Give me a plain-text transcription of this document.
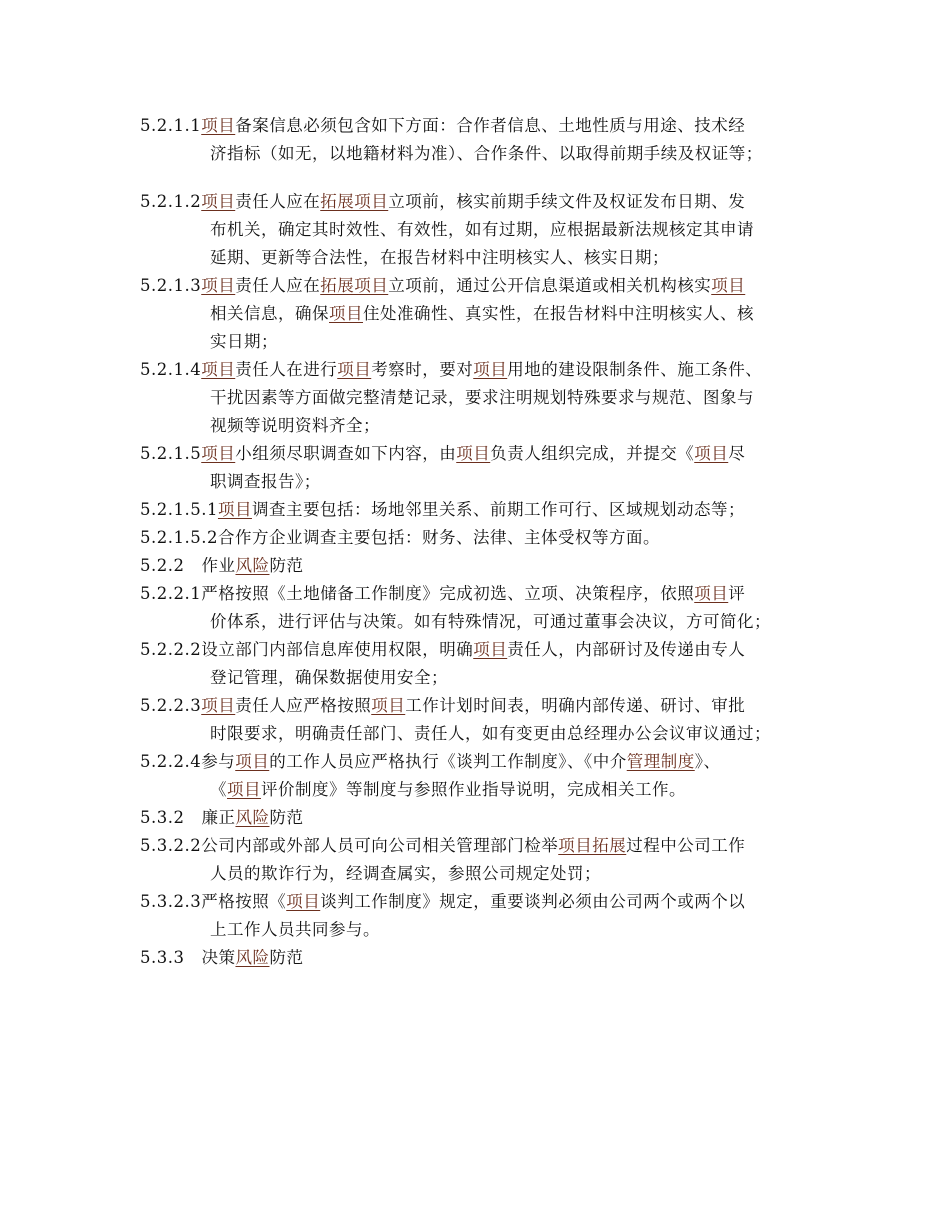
5.2.1.1项目备案信息必须包含如下方面：合作者信息、土地性质与用途、技术经
济指标（如无，以地籍材料为准）、合作条件、以取得前期手续及权证等；
5.2.1.2项目责任人应在拓展项目立项前，核实前期手续文件及权证发布日期、发
布机关，确定其时效性、有效性，如有过期，应根据最新法规核定其申请
延期、更新等合法性，在报告材料中注明核实人、核实日期；
5.2.1.3项目责任人应在拓展项目立项前，通过公开信息渠道或相关机构核实项目
相关信息，确保项目住处准确性、真实性，在报告材料中注明核实人、核
实日期；
5.2.1.4项目责任人在进行项目考察时，要对项目用地的建设限制条件、施工条件、
干扰因素等方面做完整清楚记录，要求注明规划特殊要求与规范、图象与
视频等说明资料齐全；
5.2.1.5项目小组须尽职调查如下内容，由项目负责人组织完成，并提交《项目尽
职调查报告》；
5.2.1.5.1项目调查主要包括：场地邻里关系、前期工作可行、区域规划动态等；
5.2.1.5.2合作方企业调查主要包括：财务、法律、主体受权等方面。
5.2.2　作业风险防范
5.2.2.1严格按照《土地储备工作制度》完成初选、立项、决策程序，依照项目评
价体系，进行评估与决策。如有特殊情况，可通过董事会决议，方可简化；
5.2.2.2设立部门内部信息库使用权限，明确项目责任人，内部研讨及传递由专人
登记管理，确保数据使用安全；
5.2.2.3项目责任人应严格按照项目工作计划时间表，明确内部传递、研讨、审批
时限要求，明确责任部门、责任人，如有变更由总经理办公会议审议通过；
5.2.2.4参与项目的工作人员应严格执行《谈判工作制度》、《中介管理制度》、
《项目评价制度》等制度与参照作业指导说明，完成相关工作。
5.3.2　廉正风险防范
5.3.2.2公司内部或外部人员可向公司相关管理部门检举项目拓展过程中公司工作
人员的欺诈行为，经调查属实，参照公司规定处罚；
5.3.2.3严格按照《项目谈判工作制度》规定，重要谈判必须由公司两个或两个以
上工作人员共同参与。
5.3.3　决策风险防范
